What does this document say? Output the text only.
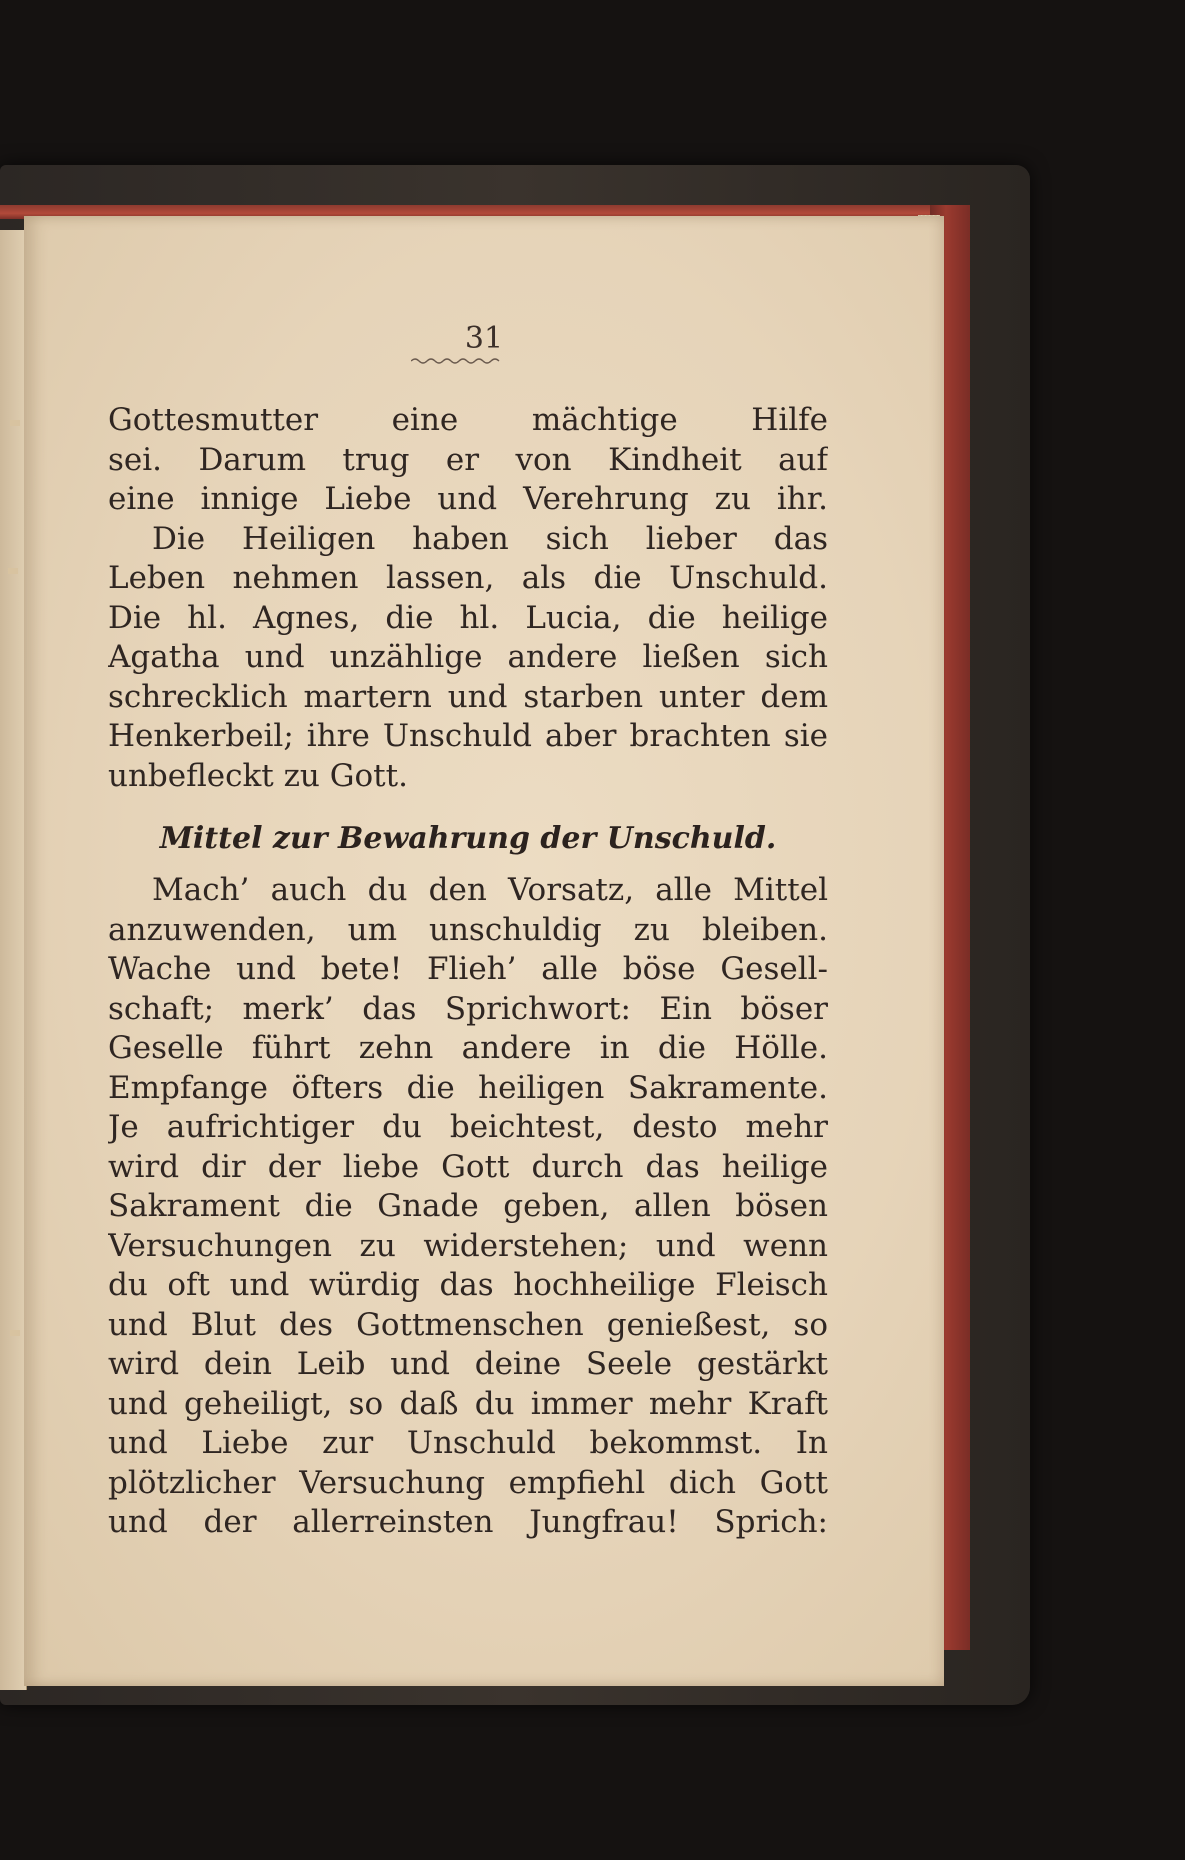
31
Gottesmutter eine mächtige Hilfe
sei. Darum trug er von Kindheit auf
eine innige Liebe und Verehrung zu ihr.
Die Heiligen haben sich lieber das
Leben nehmen lassen, als die Unschuld.
Die hl. Agnes, die hl. Lucia, die heilige
Agatha und unzählige andere ließen sich
schrecklich martern und starben unter dem
Henkerbeil; ihre Unschuld aber brachten sie
unbefleckt zu Gott.
Mittel zur Bewahrung der Unschuld.
Mach’ auch du den Vorsatz, alle Mittel
anzuwenden, um unschuldig zu bleiben.
Wache und bete! Flieh’ alle böse Gesell-
schaft; merk’ das Sprichwort: Ein böser
Geselle führt zehn andere in die Hölle.
Empfange öfters die heiligen Sakramente.
Je aufrichtiger du beichtest, desto mehr
wird dir der liebe Gott durch das heilige
Sakrament die Gnade geben, allen bösen
Versuchungen zu widerstehen; und wenn
du oft und würdig das hochheilige Fleisch
und Blut des Gottmenschen genießest, so
wird dein Leib und deine Seele gestärkt
und geheiligt, so daß du immer mehr Kraft
und Liebe zur Unschuld bekommst. In
plötzlicher Versuchung empfiehl dich Gott
und der allerreinsten Jungfrau! Sprich:
